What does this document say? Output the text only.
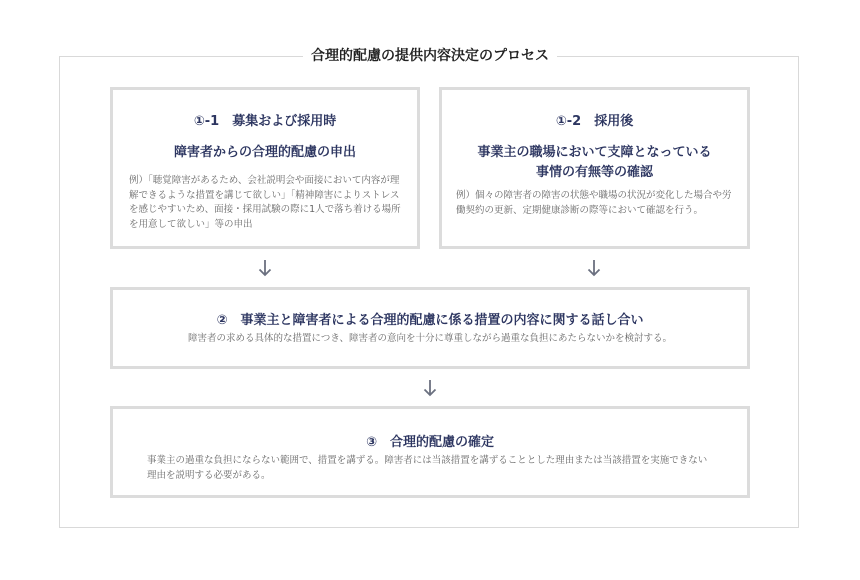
合理的配慮の提供内容決定のプロセス
①-1　募集および採用時
障害者からの合理的配慮の申出
例）「聴覚障害があるため、会社説明会や面接において内容が理解できるような措置を講じて欲しい」「精神障害によりストレスを感じやすいため、面接・採用試験の際に1人で落ち着ける場所を用意して欲しい」等の申出
①-2　採用後
事業主の職場において支障となっている
事情の有無等の確認
例）個々の障害者の障害の状態や職場の状況が変化した場合や労働契約の更新、定期健康診断の際等において確認を行う。
②　事業主と障害者による合理的配慮に係る措置の内容に関する話し合い
障害者の求める具体的な措置につき、障害者の意向を十分に尊重しながら過重な負担にあたらないかを検討する。
③　合理的配慮の確定
事業主の過重な負担にならない範囲で、措置を講ずる。障害者には当該措置を講ずることとした理由または当該措置を実施できない理由を説明する必要がある。
